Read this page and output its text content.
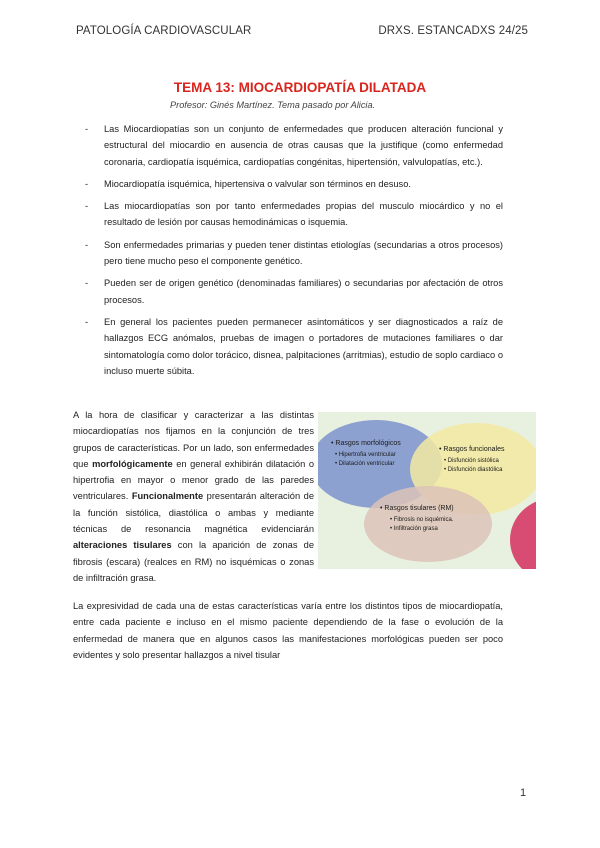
PATOLOGÍA CARDIOVASCULAR	DRXS. ESTANCADXS 24/25
TEMA 13: MIOCARDIOPATÍA DILATADA
Profesor: Ginés Martínez. Tema pasado por Alicia.
- Las Miocardiopatías son un conjunto de enfermedades que producen alteración funcional y estructural del miocardio en ausencia de otras causas que la justifique (como enfermedad coronaria, cardiopatía isquémica, cardiopatías congénitas, hipertensión, valvulopatías, etc.).
- Miocardiopatía isquémica, hipertensiva o valvular son términos en desuso.
- Las miocardiopatías son por tanto enfermedades propias del musculo miocárdico y no el resultado de lesión por causas hemodinámicas o isquemia.
- Son enfermedades primarias y pueden tener distintas etiologías (secundarias a otros procesos) pero tiene mucho peso el componente genético.
- Pueden ser de origen genético (denominadas familiares) o secundarias por afectación de otros procesos.
- En general los pacientes pueden permanecer asintomáticos y ser diagnosticados a raíz de hallazgos ECG anómalos, pruebas de imagen o portadores de mutaciones familiares o dar sintomatología como dolor torácico, disnea, palpitaciones (arritmias), estudio de soplo cardiaco o incluso muerte súbita.

A la hora de clasificar y caracterizar a las distintas miocardiopatías nos fijamos en la conjunción de tres grupos de características. Por un lado, son enfermedades que morfológicamente en general exhibirán dilatación o hipertrofia en mayor o menor grado de las paredes ventriculares. Funcionalmente presentarán alteración de la función sistólica, diastólica o ambas y mediante técnicas de resonancia magnética evidenciarán alteraciones tisulares con la aparición de zonas de fibrosis (escara) (realces en RM) no isquémicas o zonas de infiltración grasa.

• Rasgos morfológicos
• Hipertrofia ventricular
• Dilatación ventricular
• Rasgos funcionales
• Disfunción sistólica
• Disfunción diastólica
• Rasgos tisulares (RM)
• Fibrosis no isquémica.
• Infiltración grasa

La expresividad de cada una de estas características varía entre los distintos tipos de miocardiopatía, entre cada paciente e incluso en el mismo paciente dependiendo de la fase o evolución de la enfermedad de manera que en algunos casos las manifestaciones morfológicas pueden ser poco evidentes y solo presentar hallazgos a nivel tisular

1
